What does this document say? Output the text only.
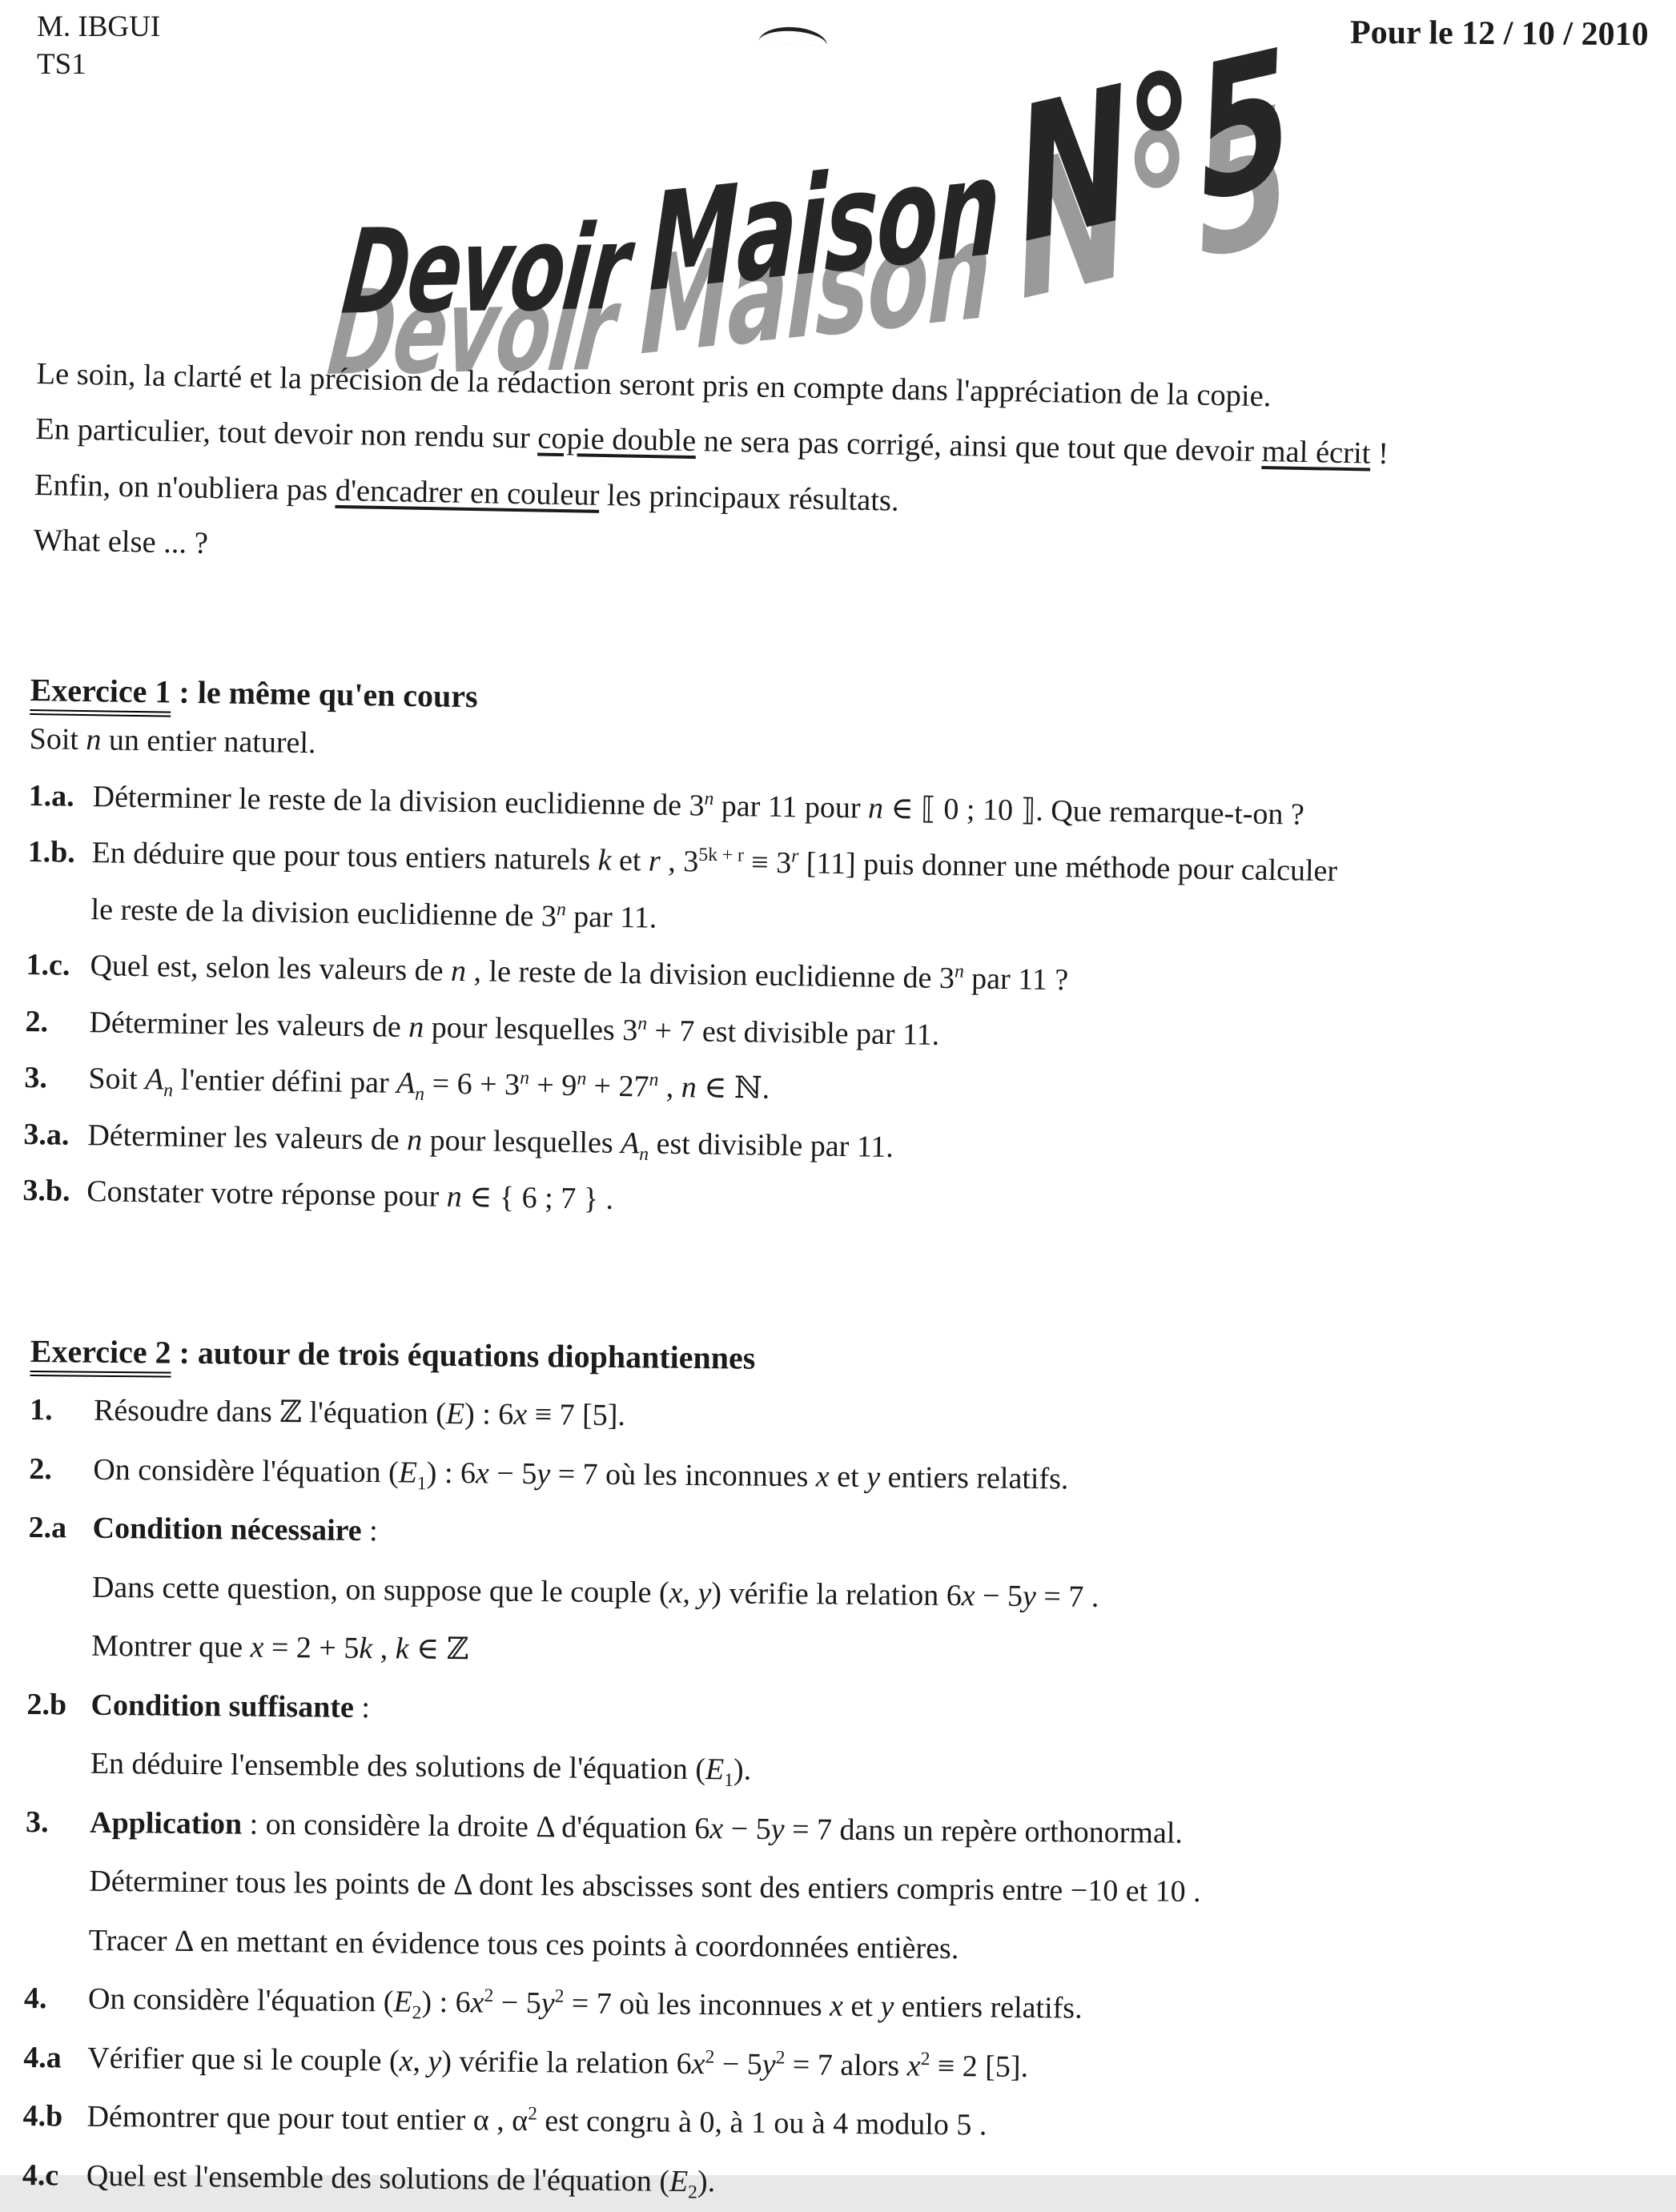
M. IBGUI
TS1
Pour le 12 / 10 / 2010
Devoir MaisonN°5

Le soin, la clarté et la précision de la rédaction seront pris en compte dans l'appréciation de la copie.

En particulier, tout devoir non rendu sur copie double ne sera pas corrigé, ainsi que tout que devoir mal écrit !

Enfin, on n'oubliera pas d'encadrer en couleur les principaux résultats.

What else ... ?

Exercice 1 : le même qu'en cours

Soit n un entier naturel.

1.a. Déterminer le reste de la division euclidienne de 3$^n$ par 11 pour n ∈ ⟦ 0 ; 10 ⟧. Que remarque-t-on ?
1.b. En déduire que pour tous entiers naturels k et r , $3^{5k + r} \equiv 3^r$ [11] puis donner une méthode pour calculer
le reste de la division euclidienne de 3$^n$ par 11.
1.c. Quel est, selon les valeurs de n , le reste de la division euclidienne de 3$^n$ par 11 ?
2.	Déterminer les valeurs de n pour lesquelles $3^n + 7$ est divisible par 11.
3.	Soit $A_n$ l'entier défini par $A_n = 6 + 3^n + 9^n + 27^n$ , n ∈ ℕ.
3.a. Déterminer les valeurs de n pour lesquelles $A_n$ est divisible par 11.
3.b. Constater votre réponse pour n ∈ { 6 ; 7 } .
Exercice 2 : autour de trois équations diophantiennes
1.	Résoudre dans ℤ l'équation (E) : 6x ≡ 7 [5].
2.	On considère l'équation $(E_1)$ : 6x − 5y = 7 où les inconnues x et y entiers relatifs.
2.a Condition nécessaire :
Dans cette question, on suppose que le couple (x, y) vérifie la relation 6x − 5y = 7 .
Montrer que x = 2 + 5k , k ∈ ℤ
2.b Condition suffisante :
En déduire l'ensemble des solutions de l'équation $(E_1)$.
3.	Application : on considère la droite Δ d'équation 6x − 5y = 7 dans un repère orthonormal.
Déterminer tous les points de Δ dont les abscisses sont des entiers compris entre −10 et 10 .
Tracer Δ en mettant en évidence tous ces points à coordonnées entières.
4.	On considère l'équation $(E_2)$ : $6x^2 - 5y^2 = 7$ où les inconnues x et y entiers relatifs.
4.a Vérifier que si le couple (x, y) vérifie la relation $6x^2 - 5y^2 = 7$ alors $x^2 \equiv 2$ [5].
4.b Démontrer que pour tout entier α , $\alpha^2$ est congru à 0, à 1 ou à 4 modulo 5 .
4.c Quel est l'ensemble des solutions de l'équation $(E_2)$.
